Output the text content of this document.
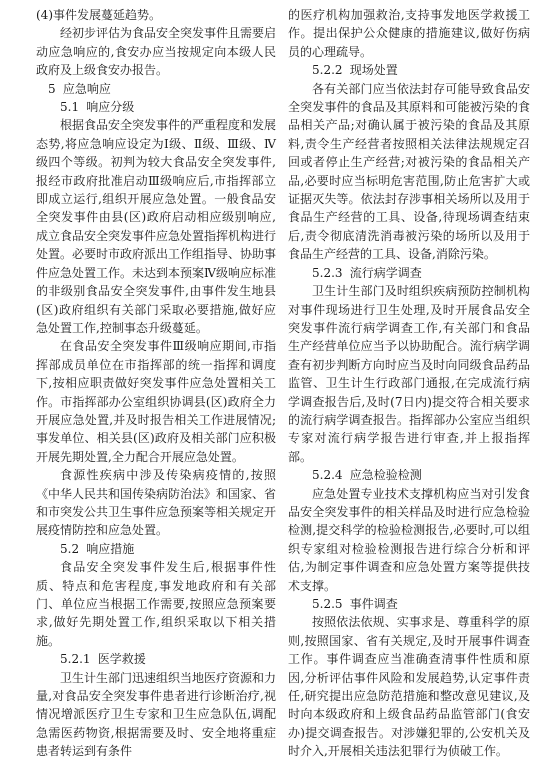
(4)事件发展蔓延趋势。

经初步评估为食品安全突发事件且需要启动应急响应的,食安办应当按规定向本级人民政府及上级食安办报告。

5 应急响应
5.1 响应分级

根据食品安全突发事件的严重程度和发展态势,将应急响应设定为Ⅰ级、Ⅱ级、Ⅲ级、Ⅳ级四个等级。初判为较大食品安全突发事件,报经市政府批准启动Ⅲ级响应后,市指挥部立即成立运行,组织开展应急处置。一般食品安全突发事件由县(区)政府启动相应级别响应,成立食品安全突发事件应急处置指挥机构进行处置。必要时市政府派出工作组指导、协助事件应急处置工作。未达到本预案Ⅳ级响应标准的非级别食品安全突发事件,由事件发生地县(区)政府组织有关部门采取必要措施,做好应急处置工作,控制事态升级蔓延。

在食品安全突发事件Ⅲ级响应期间,市指挥部成员单位在市指挥部的统一指挥和调度下,按相应职责做好突发事件应急处置相关工作。市指挥部办公室组织协调县(区)政府全力开展应急处置,并及时报告相关工作进展情况;事发单位、相关县(区)政府及相关部门应积极开展先期处置,全力配合开展应急处置。

食源性疾病中涉及传染病疫情的,按照《中华人民共和国传染病防治法》和国家、省和市突发公共卫生事件应急预案等相关规定开展疫情防控和应急处置。

5.2 响应措施

食品安全突发事件发生后,根据事件性质、特点和危害程度,事发地政府和有关部门、单位应当根据工作需要,按照应急预案要求,做好先期处置工作,组织采取以下相关措施。

5.2.1 医学救援

卫生计生部门迅速组织当地医疗资源和力量,对食品安全突发事件患者进行诊断治疗,视情况增派医疗卫生专家和卫生应急队伍,调配急需医药物资,根据需要及时、安全地将重症患者转运到有条件

的医疗机构加强救治,支持事发地医学救援工作。提出保护公众健康的措施建议,做好伤病员的心理疏导。

5.2.2 现场处置

各有关部门应当依法封存可能导致食品安全突发事件的食品及其原料和可能被污染的食品相关产品;对确认属于被污染的食品及其原料,责令生产经营者按照相关法律法规规定召回或者停止生产经营;对被污染的食品相关产品,必要时应当标明危害范围,防止危害扩大或证据灭失等。依法封存涉事相关场所以及用于食品生产经营的工具、设备,待现场调查结束后,责令彻底清洗消毒被污染的场所以及用于食品生产经营的工具、设备,消除污染。

5.2.3 流行病学调查

卫生计生部门及时组织疾病预防控制机构对事件现场进行卫生处理,及时开展食品安全突发事件流行病学调查工作,有关部门和食品生产经营单位应当予以协助配合。流行病学调查有初步判断方向时应当及时向同级食品药品监管、卫生计生行政部门通报,在完成流行病学调查报告后,及时(7日内)提交符合相关要求的流行病学调查报告。指挥部办公室应当组织专家对流行病学报告进行审查,并上报指挥部。

5.2.4 应急检验检测

应急处置专业技术支撑机构应当对引发食品安全突发事件的相关样品及时进行应急检验检测,提交科学的检验检测报告,必要时,可以组织专家组对检验检测报告进行综合分析和评估,为制定事件调查和应急处置方案等提供技术支撑。

5.2.5 事件调查

按照依法依规、实事求是、尊重科学的原则,按照国家、省有关规定,及时开展事件调查工作。事件调查应当准确查清事件性质和原因,分析评估事件风险和发展趋势,认定事件责任,研究提出应急防范措施和整改意见建议,及时向本级政府和上级食品药品监管部门(食安办)提交调查报告。对涉嫌犯罪的,公安机关及时介入,开展相关违法犯罪行为侦破工作。
